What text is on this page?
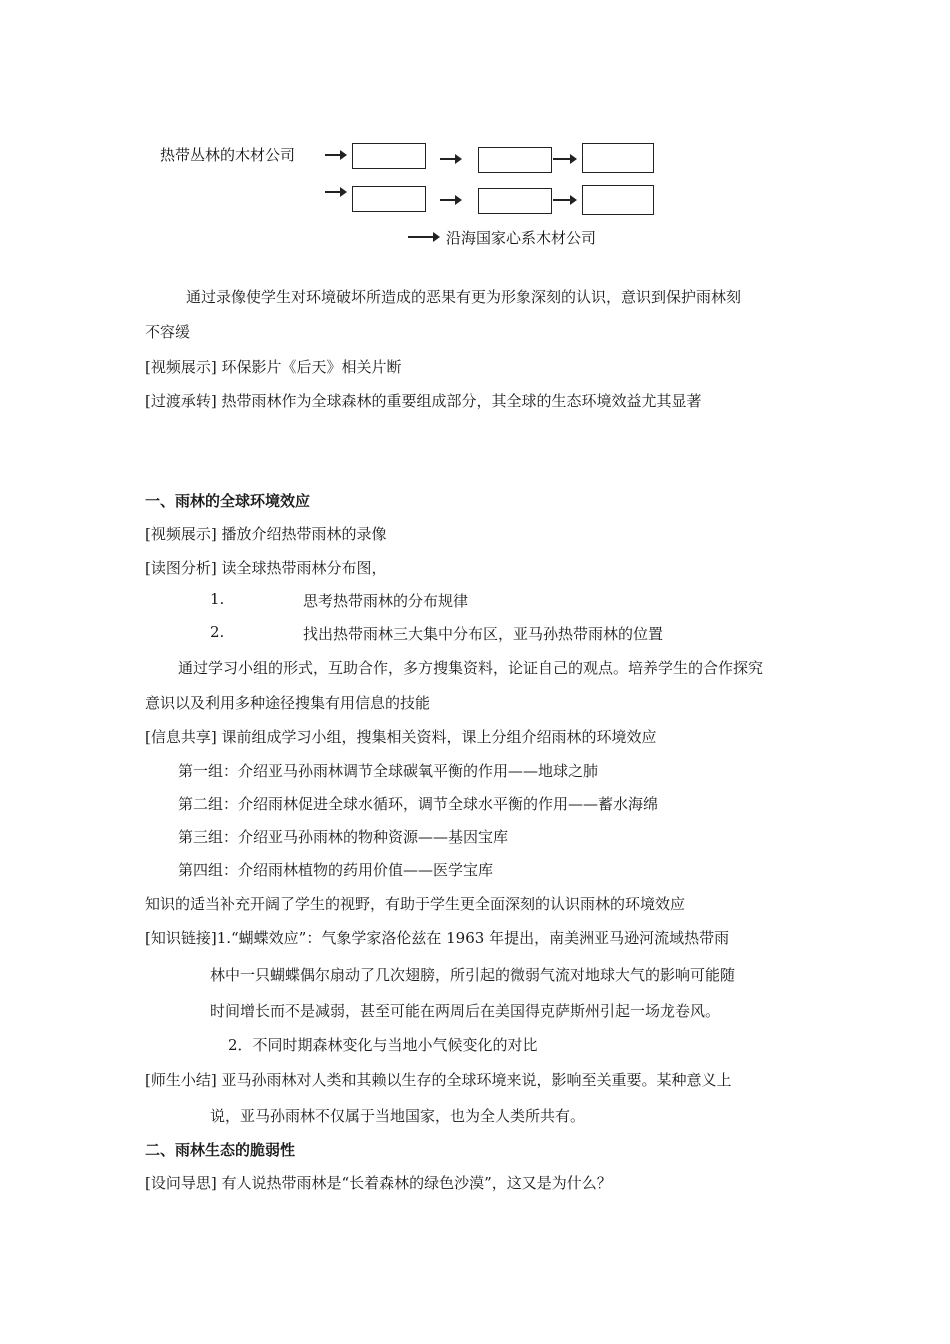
热带丛林的木材公司
沿海国家心系木材公司
通过录像使学生对环境破坏所造成的恶果有更为形象深刻的认识，意识到保护雨林刻
不容缓
[视频展示] 环保影片《后天》相关片断
[过渡承转] 热带雨林作为全球森林的重要组成部分，其全球的生态环境效益尤其显著
一、雨林的全球环境效应
[视频展示] 播放介绍热带雨林的录像
[读图分析] 读全球热带雨林分布图，
1.	思考热带雨林的分布规律
2.	找出热带雨林三大集中分布区，亚马孙热带雨林的位置
通过学习小组的形式，互助合作，多方搜集资料，论证自己的观点。培养学生的合作探究
意识以及利用多种途径搜集有用信息的技能
[信息共享] 课前组成学习小组，搜集相关资料，课上分组介绍雨林的环境效应
第一组：介绍亚马孙雨林调节全球碳氧平衡的作用——地球之肺
第二组：介绍雨林促进全球水循环，调节全球水平衡的作用——蓄水海绵
第三组：介绍亚马孙雨林的物种资源——基因宝库
第四组：介绍雨林植物的药用价值——医学宝库
知识的适当补充开阔了学生的视野，有助于学生更全面深刻的认识雨林的环境效应
[知识链接]1.“蝴蝶效应”：气象学家洛伦兹在 1963 年提出，南美洲亚马逊河流域热带雨
林中一只蝴蝶偶尔扇动了几次翅膀，所引起的微弱气流对地球大气的影响可能随
时间增长而不是减弱，甚至可能在两周后在美国得克萨斯州引起一场龙卷风。
2．不同时期森林变化与当地小气候变化的对比
[师生小结] 亚马孙雨林对人类和其赖以生存的全球环境来说，影响至关重要。某种意义上
说，亚马孙雨林不仅属于当地国家，也为全人类所共有。
二、雨林生态的脆弱性
[设问导思] 有人说热带雨林是“长着森林的绿色沙漠”，这又是为什么？
